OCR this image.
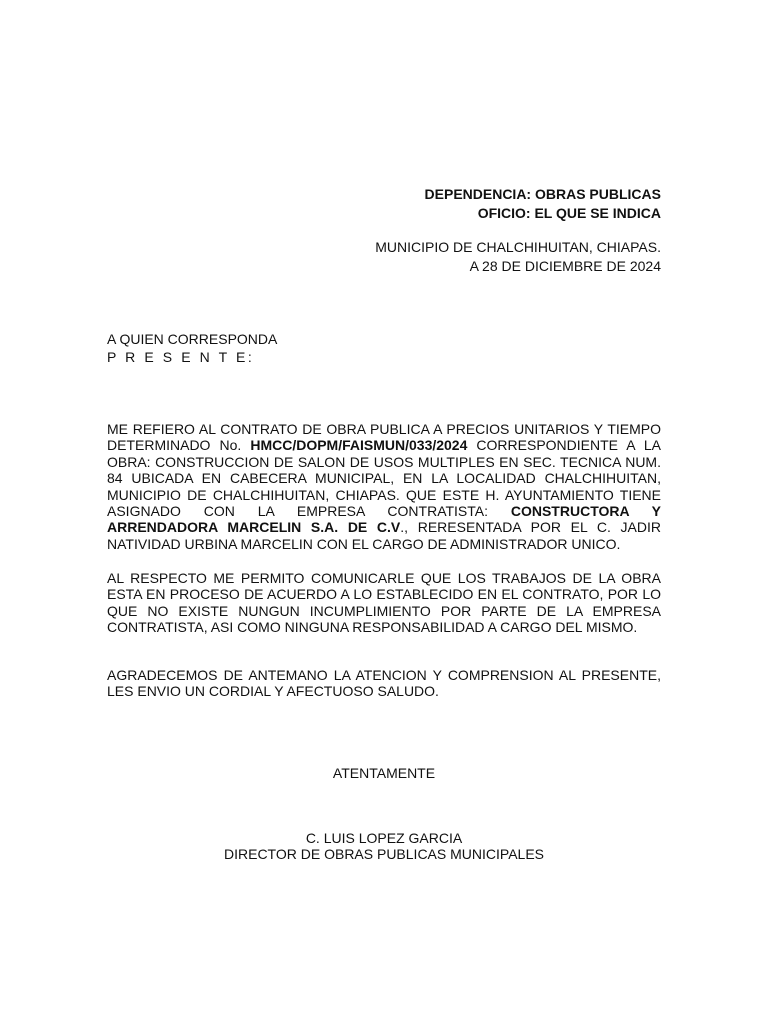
DEPENDENCIA: OBRAS PUBLICAS
OFICIO: EL QUE SE INDICA
MUNICIPIO DE CHALCHIHUITAN, CHIAPAS.
A 28 DE DICIEMBRE DE 2024
A QUIEN CORRESPONDA
P R E S E N T E:

ME REFIERO AL CONTRATO DE OBRA PUBLICA A PRECIOS UNITARIOS Y TIEMPO DETERMINADO No. HMCC/DOPM/FAISMUN/033/2024 CORRESPONDIENTE A LA OBRA: CONSTRUCCION DE SALON DE USOS MULTIPLES EN SEC. TECNICA NUM. 84 UBICADA EN CABECERA MUNICIPAL, EN LA LOCALIDAD CHALCHIHUITAN, MUNICIPIO DE CHALCHIHUITAN, CHIAPAS. QUE ESTE H. AYUNTAMIENTO TIENE ASIGNADO CON LA EMPRESA CONTRATISTA: CONSTRUCTORA Y ARRENDADORA MARCELIN S.A. DE C.V., RERESENTADA POR EL C. JADIR NATIVIDAD URBINA MARCELIN CON EL CARGO DE ADMINISTRADOR UNICO.

AL RESPECTO ME PERMITO COMUNICARLE QUE LOS TRABAJOS DE LA OBRA ESTA EN PROCESO DE ACUERDO A LO ESTABLECIDO EN EL CONTRATO, POR LO QUE NO EXISTE NUNGUN INCUMPLIMIENTO POR PARTE DE LA EMPRESA CONTRATISTA, ASI COMO NINGUNA RESPONSABILIDAD A CARGO DEL MISMO.

AGRADECEMOS DE ANTEMANO LA ATENCION Y COMPRENSION AL PRESENTE, LES ENVIO UN CORDIAL Y AFECTUOSO SALUDO.

ATENTAMENTE
C. LUIS LOPEZ GARCIA
DIRECTOR DE OBRAS PUBLICAS MUNICIPALES
